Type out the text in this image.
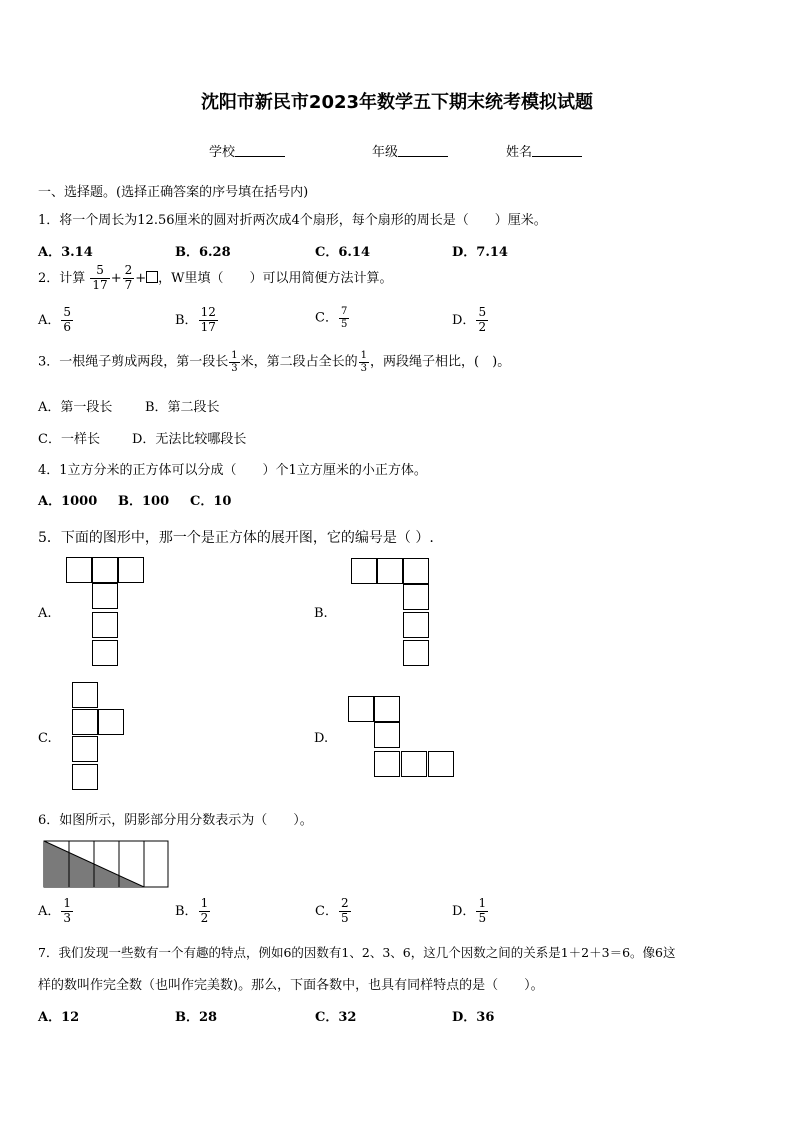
沈阳市新民市2023年数学五下期末统考模拟试题
学校	年级	姓名
一、选择题。(选择正确答案的序号填在括号内)
1．将一个周长为12.56厘米的圆对折两次成4个扇形，每个扇形的周长是（　　）厘米。
A．3.14	B．6.28	C．6.14	D．7.14
2．计算 $\frac{5}{17} + \frac{2}{7}$ + ，W里填（　　）可以用简便方法计算。
A． $\frac{5}{6}$	B． $\frac{12}{17}$	C． $\frac{7}{5}$	D． $\frac{5}{2}$
3．一根绳子剪成两段，第一段长 $\frac{1}{3}$ 米，第二段占全长的 $\frac{1}{3}$ ，两段绳子相比，(　)。
A．第一段长	B．第二段长
C．一样长 D．无法比较哪段长
4．1立方分米的正方体可以分成（　　）个1立方厘米的小正方体。
A．1000 B．100 C．10
5．下面的图形中，那一个是正方体的展开图，它的编号是（ ）.
A.	B.
C.	D.
6．如图所示，阴影部分用分数表示为（　　）。
A． $\frac{1}{3}$	B． $\frac{1}{2}$	C． $\frac{2}{5}$	D． $\frac{1}{5}$
7．我们发现一些数有一个有趣的特点，例如6的因数有1、2、3、6，这几个因数之间的关系是1＋2＋3＝6。像6这
样的数叫作完全数（也叫作完美数)。那么，下面各数中，也具有同样特点的是（　　）。
A．12	B．28	C．32	D．36
